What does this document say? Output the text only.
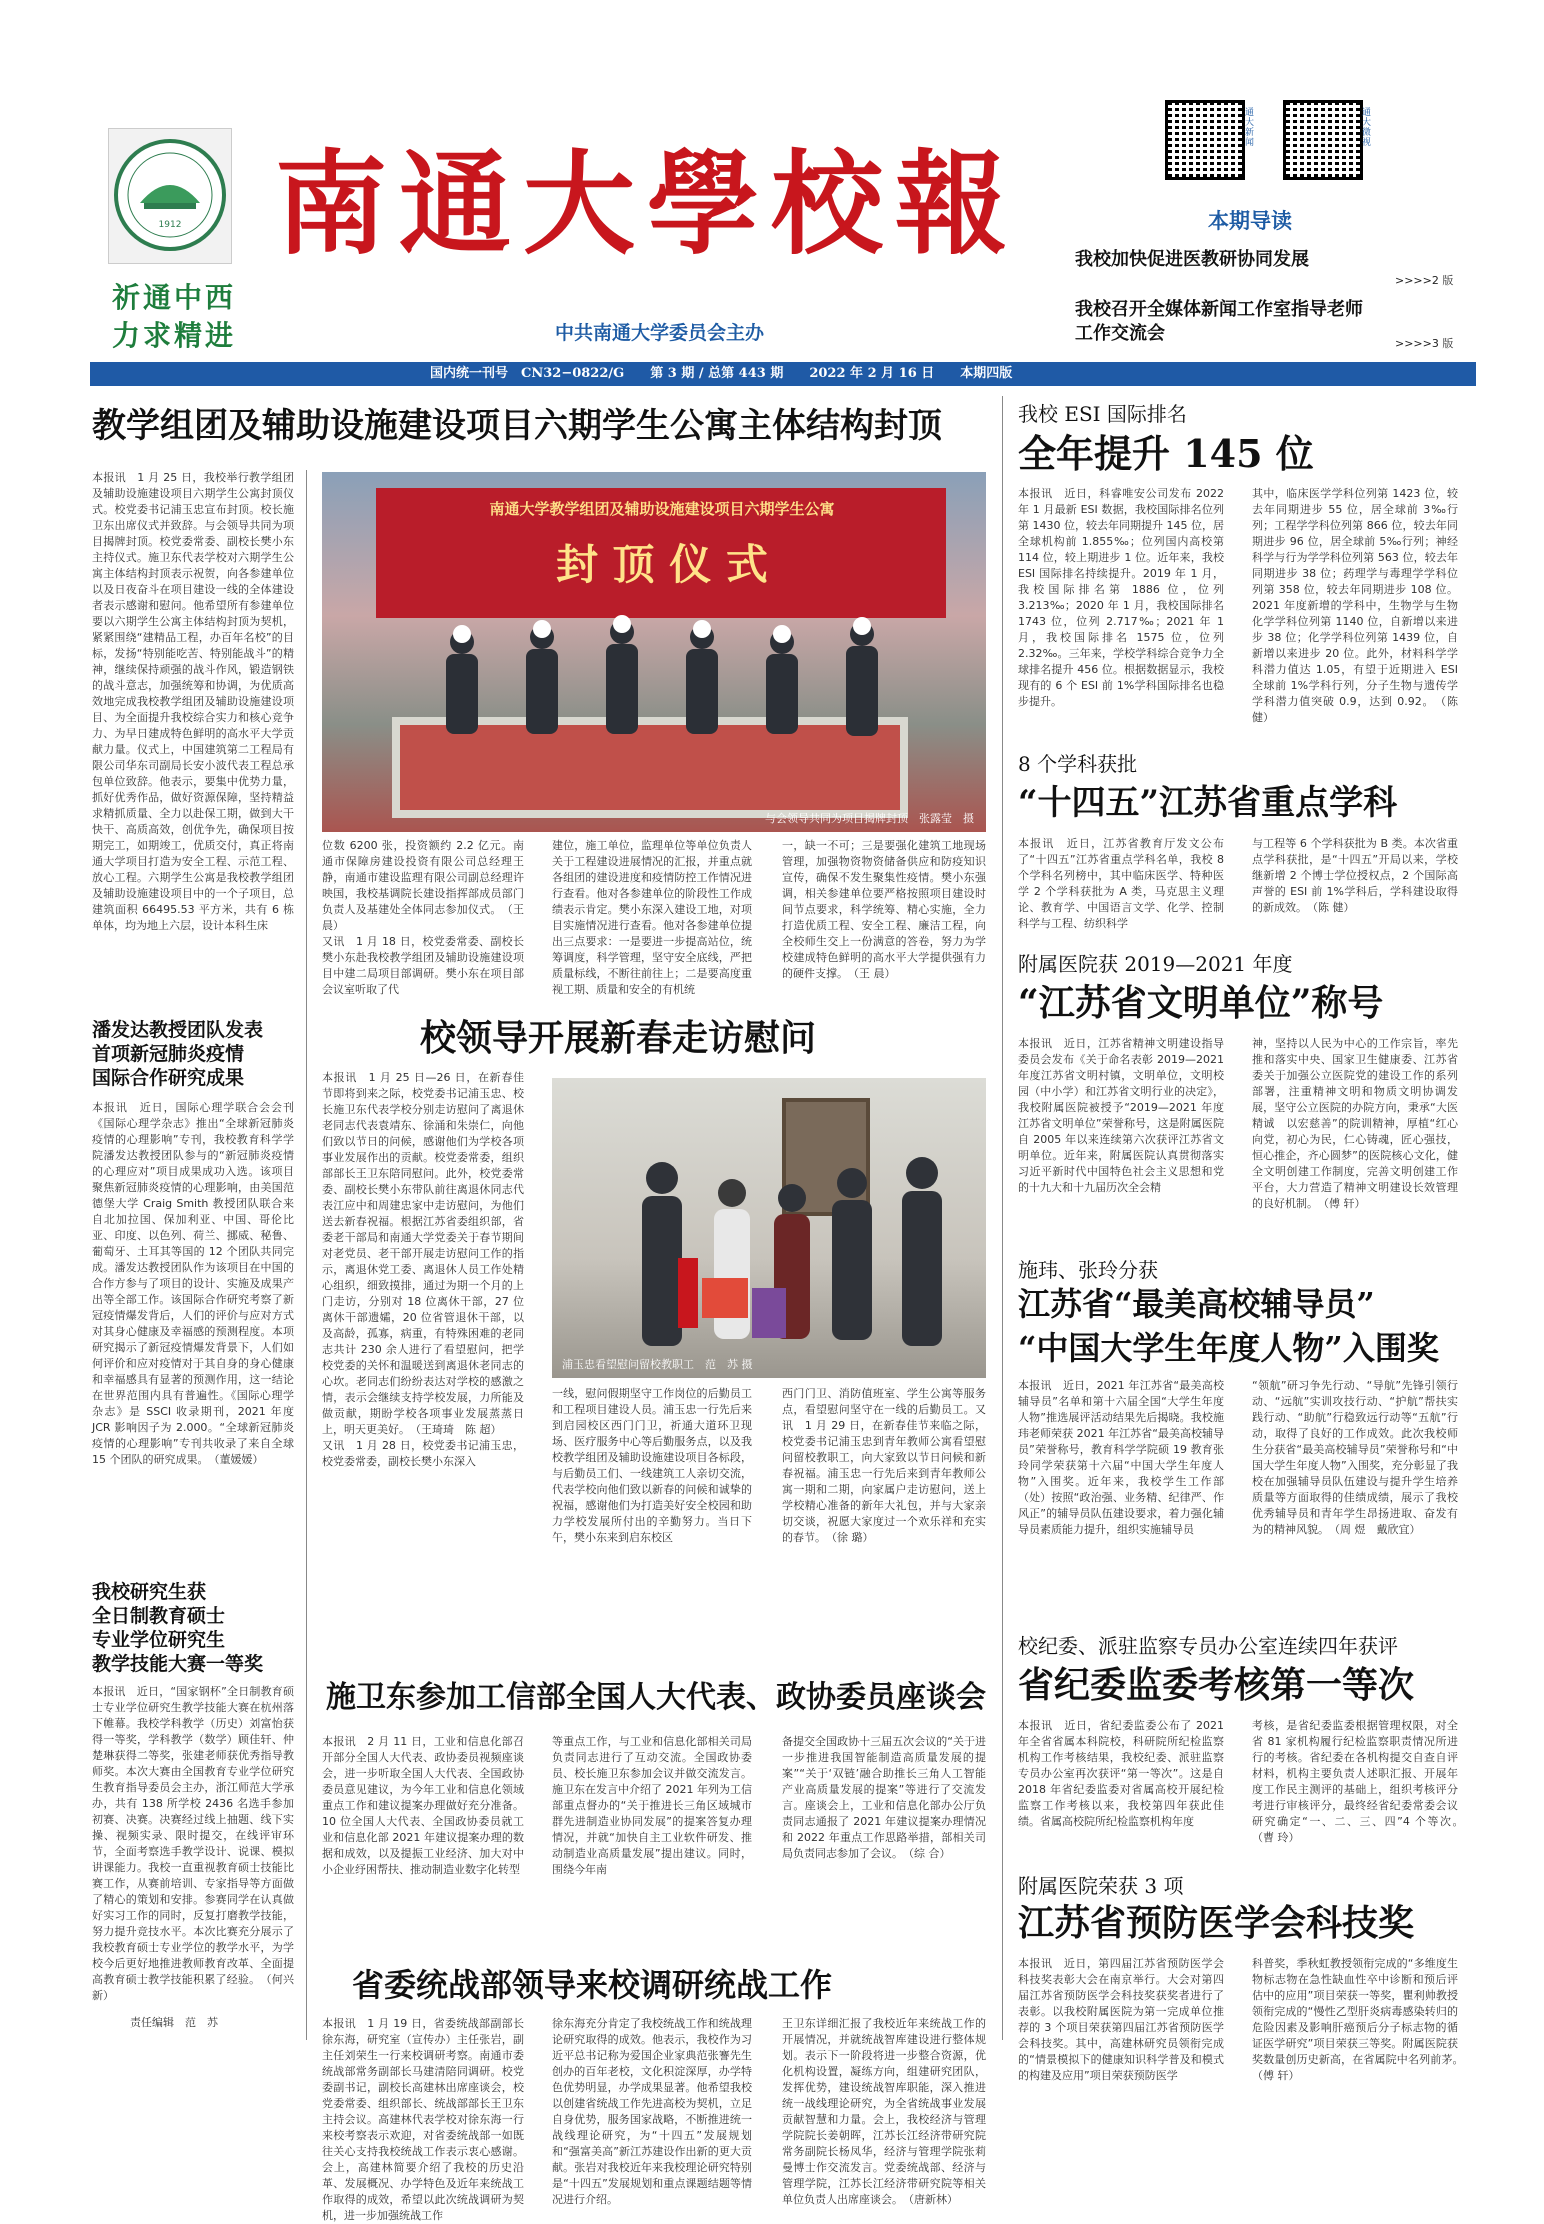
1912 南通大學校報
祈通中西
力求精进	中共南通大学委员会主办
通大新闻
通大微视
本期导读
我校加快促进医教研协同发展
>>>>2 版
我校召开全媒体新闻工作室指导老师工作交流会	>>>>3 版
国内统一刊号　CN32−0822/G　　第 3 期 / 总第 443 期　　2022 年 2 月 16 日　　本期四版
教学组团及辅助设施建设项目六期学生公寓主体结构封顶
本报讯　1 月 25 日，我校举行教学组团及辅助设施建设项目六期学生公寓封顶仪式。校党委书记浦玉忠宣布封顶。校长施卫东出席仪式并致辞。与会领导共同为项目揭牌封顶。校党委常委、副校长樊小东主持仪式。施卫东代表学校对六期学生公寓主体结构封顶表示祝贺，向各参建单位以及日夜奋斗在项目建设一线的全体建设者表示感谢和慰问。他希望所有参建单位要以六期学生公寓主体结构封顶为契机，紧紧围绕“建精品工程，办百年名校”的目标，发扬“特别能吃苦、特别能战斗”的精神，继续保持顽强的战斗作风，锻造钢铁的战斗意志，加强统筹和协调，为优质高效地完成我校教学组团及辅助设施建设项目、为全面提升我校综合实力和核心竞争力、为早日建成特色鲜明的高水平大学贡献力量。仪式上，中国建筑第二工程局有限公司华东司副局长安小波代表工程总承包单位致辞。他表示，要集中优势力量，抓好优秀作品，做好资源保障，坚持精益求精抓质量、全力以赴保工期，做到大干快干、高质高效，创优争先，确保项目按期完工，如期竣工，优质交付，真正将南通大学项目打造为安全工程、示范工程、放心工程。六期学生公寓是我校教学组团及辅助设施建设项目中的一个子项目，总建筑面积 66495.53 平方米，共有 6 栋单体，均为地上六层，设计本科生床
南通大学教学组团及辅助设施建设项目六期学生公寓
封 顶 仪 式
与会领导共同为项目揭牌封顶　张露莹　摄
位数 6200 张，投资额约 2.2 亿元。南通市保障房建设投资有限公司总经理王静，南通市建设监理有限公司副总经理许映国，我校基调院长建设指挥部成员部门负责人及基建处全体同志参加仪式。　（王 晨）
又讯　1 月 18 日，校党委常委、副校长樊小东赴我校教学组团及辅助设施建设项目中建二局项目部调研。樊小东在项目部会议室听取了代
建位，施工单位，监理单位等单位负责人关于工程建设进展情况的汇报，并重点就各组团的建设进度和疫情防控工作情况进行查看。他对各参建单位的阶段性工作成绩表示肯定。樊小东深入建设工地，对项目实施情况进行查看。他对各参建单位提出三点要求：一是要进一步提高站位，统筹调度，科学管理，坚守安全底线，严把质量标线，不断往前往上；二是要高度重视工期、质量和安全的有机统
一，缺一不可；三是要强化建筑工地现场管理，加强物资物资储备供应和防疫知识宣传，确保不发生聚集性疫情。樊小东强调，相关参建单位要严格按照项目建设时间节点要求，科学统筹、精心实施，全力打造优质工程、安全工程、廉洁工程，向全校师生交上一份满意的答卷，努力为学校建成特色鲜明的高水平大学提供强有力的硬件支撑。　（王 晨）
潘发达教授团队发表
首项新冠肺炎疫情
国际合作研究成果
本报讯　近日，国际心理学联合会会刊《国际心理学杂志》推出“全球新冠肺炎疫情的心理影响”专刊，我校教育科学学院潘发达教授团队参与的“新冠肺炎疫情的心理应对”项目成果成功入选。该项目聚焦新冠肺炎疫情的心理影响，由美国范德堡大学 Craig Smith 教授团队联合来自北加拉国、保加利亚、中国、哥伦比亚、印度、以色列、荷兰、挪威、秘鲁、葡萄牙、土耳其等国的 12 个团队共同完成。潘发达教授团队作为该项目在中国的合作方参与了项目的设计、实施及成果产出等全部工作。该国际合作研究考察了新冠疫情爆发背后，人们的评价与应对方式对其身心健康及幸福感的预测程度。本项研究揭示了新冠疫情爆发背景下，人们如何评价和应对疫情对于其自身的身心健康和幸福感具有显著的预测作用，这一结论在世界范围内具有普遍性。《国际心理学杂志》是 SSCI 收录期刊，2021 年度 JCR 影响因子为 2.000。“全球新冠肺炎疫情的心理影响”专刊共收录了来自全球 15 个团队的研究成果。　（董媛媛）
我校研究生获
全日制教育硕士
专业学位研究生
教学技能大赛一等奖
本报讯　近日，“国家钢杯”全日制教育硕士专业学位研究生教学技能大赛在杭州落下帷幕。我校学科教学（历史）刘富怡获得一等奖，学科教学（数学）顾佳轩、仲楚琳获得二等奖，张建老师获优秀指导教师奖。本次大赛由全国教育专业学位研究生教育指导委员会主办，浙江师范大学承办，共有 138 所学校 2436 名选手参加初赛、决赛。决赛经过线上抽题、线下实操、视频实录、限时提交，在线评审环节，全面考察选手教学设计、说课、模拟讲课能力。我校一直重视教育硕士技能比赛工作，从赛前培训、专家指导等方面做了精心的策划和安排。参赛同学在认真做好实习工作的同时，反复打磨教学技能，努力提升竞技水平。本次比赛充分展示了我校教育硕士专业学位的教学水平，为学校今后更好地推进教师教育改革、全面提高教育硕士教学技能积累了经验。　（何兴新）
责任编辑　范　苏
校领导开展新春走访慰问
本报讯　1 月 25 日—26 日，在新春佳节即将到来之际，校党委书记浦玉忠、校长施卫东代表学校分别走访慰问了离退休老同志代表袁靖东、徐涌和朱崇仁，向他们致以节日的问候，感谢他们为学校各项事业发展作出的贡献。校党委常委，组织部部长王卫东陪同慰问。此外，校党委常委、副校长樊小东带队前往离退休同志代表江应中和周建忠家中走访慰问，为他们送去新春祝福。根据江苏省委组织部，省委老干部局和南通大学党委关于春节期间对老党员、老干部开展走访慰问工作的指示，离退休党工委、离退休人员工作处精心组织，细致摸排，通过为期一个月的上门走访，分别对 18 位离休干部，27 位离休干部遗孀，20 位省管退休干部，以及高龄，孤寡，病重，有特殊困难的老同志共计 230 余人进行了看望慰问，把学校党委的关怀和温暖送到离退休老同志的心坎。老同志们纷纷表达对学校的感激之情，表示会继续支持学校发展，力所能及做贡献，期盼学校各项事业发展蒸蒸日上，明天更美好。　（王琦琦　陈 超）
又讯　1 月 28 日，校党委书记浦玉忠，校党委常委，副校长樊小东深入
浦玉忠看望慰问留校教职工　范　苏 摄
一线，慰问假期坚守工作岗位的后勤员工和工程项目建设人员。浦玉忠一行先后来到启园校区西门门卫，祈通大道环卫现场、医疗服务中心等后勤服务点，以及我校教学组团及辅助设施建设项目各标段，与后勤员工们、一线建筑工人亲切交流，代表学校向他们致以新春的问候和诚挚的祝福，感谢他们为打造美好安全校园和助力学校发展所付出的辛勤努力。当日下午，樊小东来到启东校区
西门门卫、消防值班室、学生公寓等服务点，看望慰问坚守在一线的后勤员工。又讯　1 月 29 日，在新春佳节来临之际，校党委书记浦玉忠到青年教师公寓看望慰问留校教职工，向大家致以节日问候和新春祝福。浦玉忠一行先后来到青年教师公寓一期和二期，向家属户走访慰问，送上学校精心准备的新年大礼包，并与大家亲切交谈，祝愿大家度过一个欢乐祥和充实的春节。　（徐 璐）
施卫东参加工信部全国人大代表、政协委员座谈会
本报讯　2 月 11 日，工业和信息化部召开部分全国人大代表、政协委员视频座谈会，进一步听取全国人大代表、全国政协委员意见建议，为今年工业和信息化领域重点工作和建议提案办理做好充分准备。10 位全国人大代表、全国政协委员就工业和信息化部 2021 年建议提案办理的数据和成效，以及提振工业经济、加大对中小企业纾困帮扶、推动制造业数字化转型
等重点工作，与工业和信息化部相关司局负责同志进行了互动交流。全国政协委员、校长施卫东参加会议并做交流发言。施卫东在发言中介绍了 2021 年列为工信部重点督办的“关于推进长三角区域城市群先进制造业协同发展”的提案答复办理情况，并就“加快自主工业软件研发、推动制造业高质量发展”提出建议。同时，围绕今年南
备提交全国政协十三届五次会议的“关于进一步推进我国智能制造高质量发展的提案”“关于‘双链’融合助推长三角人工智能产业高质量发展的提案”等进行了交流发言。座谈会上，工业和信息化部办公厅负责同志通报了 2021 年建议提案办理情况和 2022 年重点工作思路举措，部相关司局负责同志参加了会议。　（综 合）
省委统战部领导来校调研统战工作
我校 ESI 国际排名
全年提升 145 位
本报讯　近日，科睿唯安公司发布 2022 年 1 月最新 ESI 数据，我校国际排名位列第 1430 位，较去年同期提升 145 位，居全球机构前 1.855‰；位列国内高校第 114 位，较上期进步 1 位。近年来，我校 ESI 国际排名持续提升。2019 年 1 月，我校国际排名第 1886 位，位列 3.213‰；2020 年 1 月，我校国际排名 1743 位，位列 2.717‰；2021 年 1 月，我校国际排名 1575 位，位列 2.32‰。三年来，学校学科综合竞争力全球排名提升 456 位。根据数据显示，我校现有的 6 个 ESI 前 1%学科国际排名也稳步提升。
其中，临床医学学科位列第 1423 位，较去年同期进步 55 位，居全球前 3‰行列；工程学学科位列第 866 位，较去年同期进步 96 位，居全球前 5‰行列；神经科学与行为学学科位列第 563 位，较去年同期进步 38 位；药理学与毒理学学科位列第 358 位，较去年同期进步 108 位。2021 年度新增的学科中，生物学与生物化学学科位列第 1140 位，自新增以来进步 38 位；化学学科位列第 1439 位，自新增以来进步 20 位。此外，材料科学学科潜力值达 1.05，有望于近期进入 ESI 全球前 1%学科行列，分子生物与遗传学学科潜力值突破 0.9，达到 0.92。　（陈 健）
8 个学科获批
“十四五”江苏省重点学科
本报讯　近日，江苏省教育厅发文公布了“十四五”江苏省重点学科名单，我校 8 个学科名列榜中，其中临床医学、特种医学 2 个学科获批为 A 类，马克思主义理论、教育学、中国语言文学、化学、控制科学与工程、纺织科学
与工程等 6 个学科获批为 B 类。本次省重点学科获批，是“十四五”开局以来，学校继新增 2 个博士学位授权点，2 个国际高声誉的 ESI 前 1%学科后，学科建设取得的新成效。　（陈 健）
附属医院获 2019—2021 年度
“江苏省文明单位”称号
本报讯　近日，江苏省精神文明建设指导委员会发布《关于命名表彰 2019—2021 年度江苏省文明村镇，文明单位，文明校园（中小学）和江苏省文明行业的决定》，我校附属医院被授予“2019—2021 年度江苏省文明单位”荣誉称号，这是附属医院自 2005 年以来连续第六次获评江苏省文明单位。近年来，附属医院认真贯彻落实习近平新时代中国特色社会主义思想和党的十九大和十九届历次全会精
神，坚持以人民为中心的工作宗旨，率先推和落实中央、国家卫生健康委、江苏省委关于加强公立医院党的建设工作的系列部署，注重精神文明和物质文明协调发展，坚守公立医院的办院方向，秉承“大医精诚　以宏慈善”的院训精神，厚植“红心向党，初心为民，仁心铸魂，匠心强技，恒心推企，齐心圆梦”的医院核心文化，健全文明创建工作制度，完善文明创建工作平台，大力营造了精神文明建设长效管理的良好机制。　（傅 轩）
施玮、张玲分获
江苏省“最美高校辅导员”
“中国大学生年度人物”入围奖
本报讯　近日，2021 年江苏省“最美高校辅导员”名单和第十六届全国“大学生年度人物”推选展评活动结果先后揭晓。我校施玮老师荣获 2021 年江苏省“最美高校辅导员”荣誉称号，教育科学学院硕 19 教育张玲同学荣获第十六届“中国大学生年度人物”入围奖。近年来，我校学生工作部（处）按照“政治强、业务精、纪律严、作风正”的辅导员队伍建设要求，着力强化辅导员素质能力提升，组织实施辅导员
“领航”研习争先行动、“导航”先锋引领行动、“远航”实训攻技行动、“护航”帮扶实践行动、“助航”行稳致远行动等“五航”行动，取得了良好的工作成效。此次我校师生分获省“最美高校辅导员”荣誉称号和“中国大学生年度人物”入围奖，充分彰显了我校在加强辅导员队伍建设与提升学生培养质量等方面取得的佳绩成绩，展示了我校优秀辅导员和青年学生昂扬进取、奋发有为的精神风貌。　（周 煜　戴欣宜）
校纪委、派驻监察专员办公室连续四年获评
省纪委监委考核第一等次
本报讯　近日，省纪委监委公布了 2021 年全省省属本科院校，科研院所纪检监察机构工作考核结果，我校纪委、派驻监察专员办公室再次获评“第一等次”。这是自 2018 年省纪委监委对省属高校开展纪检监察工作考核以来，我校第四年获此佳绩。省属高校院所纪检监察机构年度
考核，是省纪委监委根据管理权限，对全省 81 家机构履行纪检监察职责情况所进行的考核。省纪委在各机构提交自查自评材料，机构主要负责人述职汇报、开展年度工作民主测评的基础上，组织考核评分考进行审核评分，最终经省纪委常委会议研究确定“一、二、三、四”4 个等次。　（曹 玲）
附属医院荣获 3 项
江苏省预防医学会科技奖
本报讯　近日，第四届江苏省预防医学会科技奖表彰大会在南京举行。大会对第四届江苏省预防医学会科技奖获奖者进行了表彰。以我校附属医院为第一完成单位推荐的 3 个项目荣获第四届江苏省预防医学会科技奖。其中，高建林研究员领衔完成的“情景模拟下的健康知识科学普及和模式的构建及应用”项目荣获预防医学
科普奖，季秋虹教授领衔完成的“多维度生物标志物在急性缺血性卒中诊断和预后评估中的应用”项目荣获一等奖，瞿利帅教授领衔完成的“慢性乙型肝炎病毒感染转归的危险因素及影响肝癌预后分子标志物的循证医学研究”项目荣获三等奖。附属医院获奖数量创历史新高，在省属院中名列前茅。　（傅 轩）
本报讯　1 月 19 日，省委统战部副部长徐东海，研究室（宣传办）主任张岩，副主任刘荣生一行来校调研考察。南通市委统战部常务副部长马建清陪同调研。校党委副书记，副校长高建林出席座谈会，校党委常委、组织部长、统战部部长王卫东主持会议。高建林代表学校对徐东海一行来校考察表示欢迎，对省委统战部一如既往关心支持我校统战工作表示衷心感谢。会上，高建林简要介绍了我校的历史沿革、发展概况、办学特色及近年来统战工作取得的成效，希望以此次统战调研为契机，进一步加强统战工作
徐东海充分肯定了我校统战工作和统战理论研究取得的成效。他表示，我校作为习近平总书记称为爱国企业家典范张謇先生创办的百年老校，文化积淀深厚，办学特色优势明显，办学成果显著。他希望我校以创建省统战工作先进高校为契机，立足自身优势，服务国家战略，不断推进统一战线理论研究，为“十四五”发展规划和“强富美高”新江苏建设作出新的更大贡献。张岩对我校近年来我校理论研究特别是“十四五”发展规划和重点课题结题等情况进行介绍。
王卫东详细汇报了我校近年来统战工作的开展情况，并就统战智库建设进行整体规划。表示下一阶段将进一步整合资源，优化机构设置，凝练方向，组建研究团队，发挥优势，建设统战智库职能，深入推进统一战线理论研究，为全省统战事业发展贡献智慧和力量。会上，我校经济与管理学院院长姜朝晖，江苏长江经济带研究院常务副院长杨凤华，经济与管理学院张莉曼博士作交流发言。党委统战部、经济与管理学院，江苏长江经济带研究院等相关单位负责人出席座谈会。　（唐新林）
